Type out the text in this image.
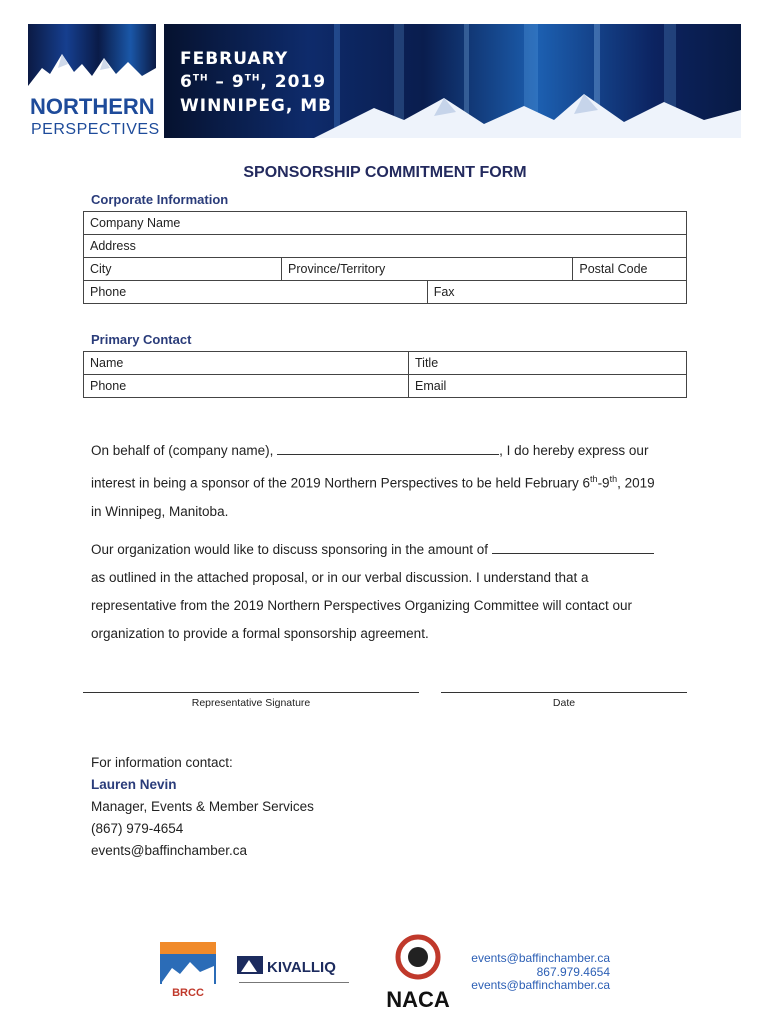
NORTHERN
PERSPECTIVES
FEBRUARY
6TH – 9TH, 2019
WINNIPEG, MB
SPONSORSHIP COMMITMENT FORM
Corporate Information
Company Name			
Address			
City	Province/Territory		Postal Code
Phone		Fax	
Primary Contact
Name	Title
Phone	Email
On behalf of (company name),	, I do hereby express our
interest in being a sponsor of the 2019 Northern Perspectives to be held February 6th-9th, 2019
in Winnipeg, Manitoba.
Our organization would like to discuss sponsoring in the amount of
as outlined in the attached proposal, or in our verbal discussion. I understand that a
representative from the 2019 Northern Perspectives Organizing Committee will contact our
organization to provide a formal sponsorship agreement.
Representative Signature	Date
For information contact:
Lauren Nevin
Manager, Events & Member Services
(867) 979-4654
events@baffinchamber.ca
BRCC
KIVALLIQ
NACA
events@baffinchamber.ca
867.979.4654
events@baffinchamber.ca
